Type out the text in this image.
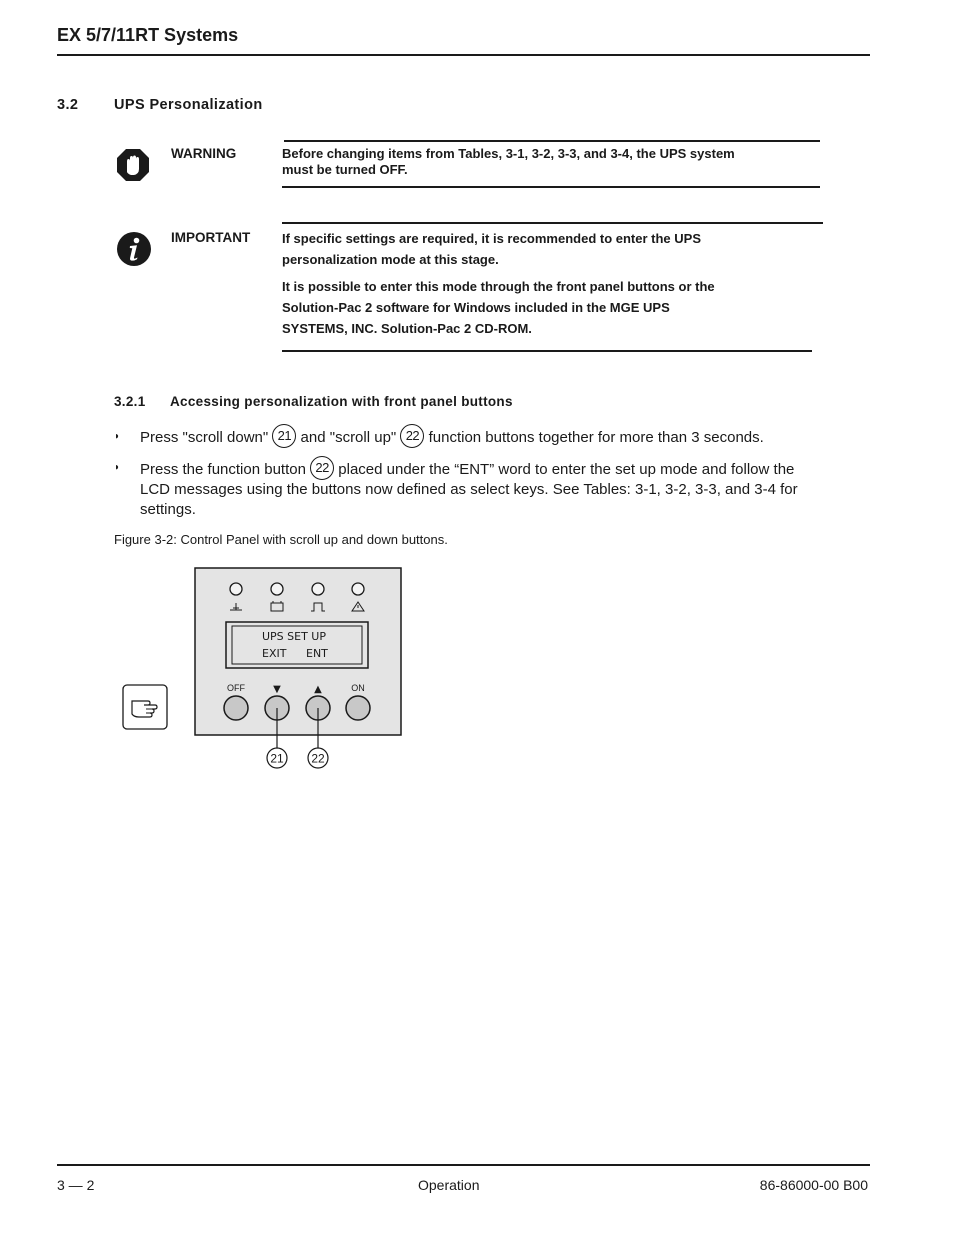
EX 5/7/11RT Systems
3.2 UPS Personalization
WARNING	Before changing items from Tables, 3-1, 3-2, 3-3, and 3-4, the UPS system
must be turned OFF.
IMPORTANT If specific settings are required, it is recommended to enter the UPS
personalization mode at this stage.
It is possible to enter this mode through the front panel buttons or the
Solution-Pac 2 software for Windows included in the MGE UPS
SYSTEMS, INC. Solution-Pac 2 CD-ROM.
3.2.1 Accessing personalization with front panel buttons
◗ Press "scroll down" 21 and "scroll up" 22 function buttons together for more than 3 seconds.
◗ Press the function button 22 placed under the “ENT” word to enter the set up mode and follow the
LCD messages using the buttons now defined as select keys. See Tables: 3-1, 3-2, 3-3, and 3-4 for
settings.
Figure 3-2: Control Panel with scroll up and down buttons.
UPS SET UP
EXIT ENT
OFF	▼	▲	ON
21 22
3 — 2	Operation	86-86000-00 B00
